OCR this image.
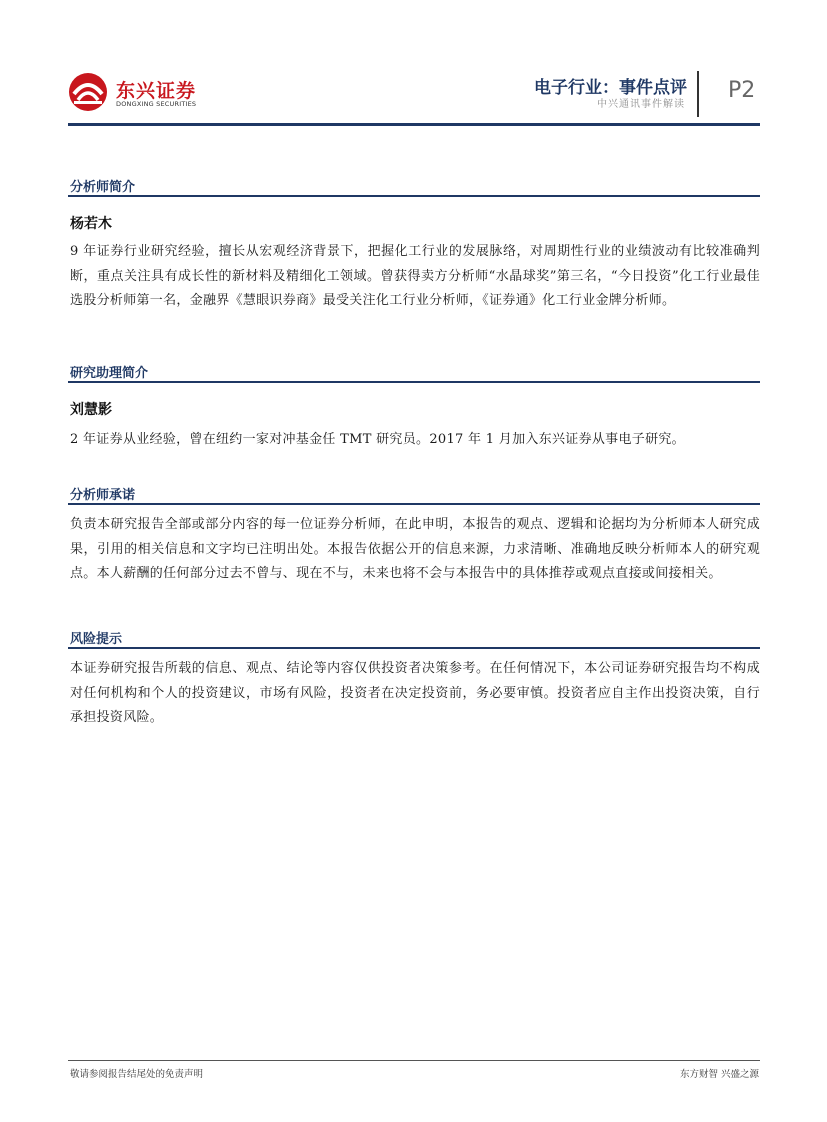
东兴证券
DONGXING SECURITIES
电子行业：事件点评
中兴通讯事件解读
P2
分析师简介
杨若木
9 年证券行业研究经验，擅长从宏观经济背景下，把握化工行业的发展脉络，对周期性行业的业绩波动有比较准确判断，重点关注具有成长性的新材料及精细化工领域。曾获得卖方分析师“水晶球奖”第三名，“今日投资”化工行业最佳选股分析师第一名，金融界《慧眼识券商》最受关注化工行业分析师，《证券通》化工行业金牌分析师。
研究助理简介
刘慧影
2 年证券从业经验，曾在纽约一家对冲基金任 TMT 研究员。2017 年 1 月加入东兴证券从事电子研究。
分析师承诺
负责本研究报告全部或部分内容的每一位证券分析师，在此申明，本报告的观点、逻辑和论据均为分析师本人研究成果，引用的相关信息和文字均已注明出处。本报告依据公开的信息来源，力求清晰、准确地反映分析师本人的研究观点。本人薪酬的任何部分过去不曾与、现在不与，未来也将不会与本报告中的具体推荐或观点直接或间接相关。
风险提示
本证券研究报告所载的信息、观点、结论等内容仅供投资者决策参考。在任何情况下，本公司证券研究报告均不构成对任何机构和个人的投资建议，市场有风险，投资者在决定投资前，务必要审慎。投资者应自主作出投资决策，自行承担投资风险。
敬请参阅报告结尾处的免责声明	东方财智 兴盛之源
